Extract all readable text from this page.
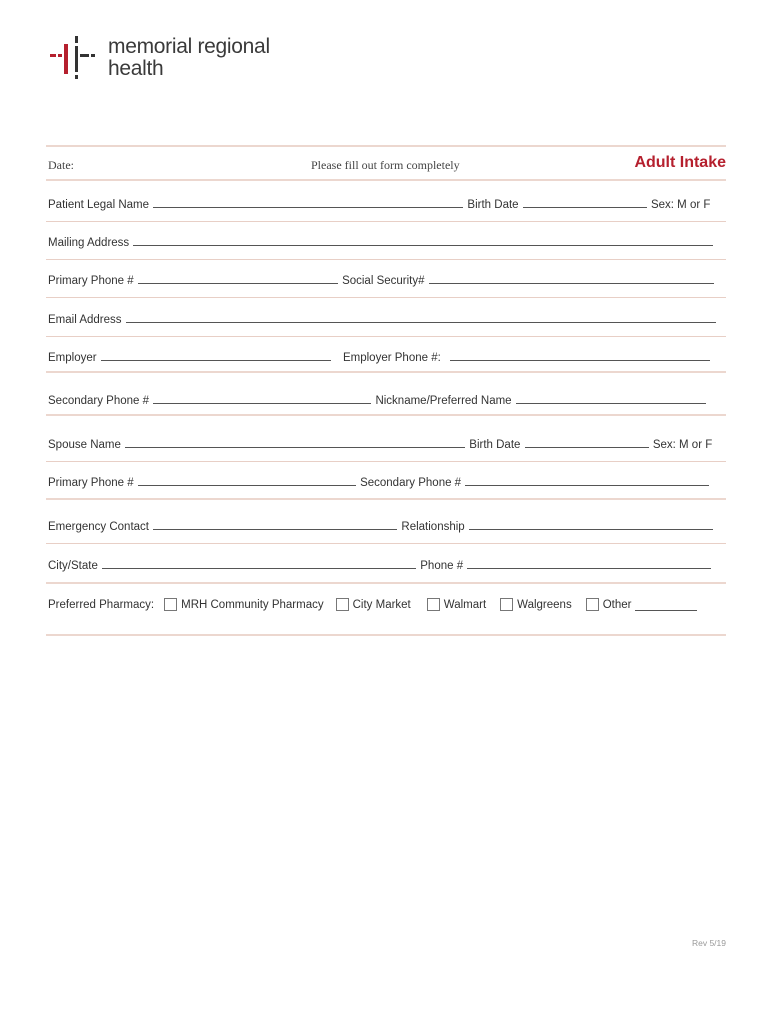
memorial regional
health
Date:	Please fill out form completely	Adult Intake
Patient Legal Name	Birth Date	Sex: M or F
Mailing Address
Primary Phone #	Social Security#
Email Address
Employer	Employer Phone #:
Secondary Phone #	Nickname/Preferred Name
Spouse Name	Birth Date	Sex: M or F
Primary Phone #	Secondary Phone #
Emergency Contact	Relationship
City/State	Phone #
Preferred Pharmacy: MRH Community Pharmacy	City Market	Walmart	Walgreens	Other
Rev 5/19
